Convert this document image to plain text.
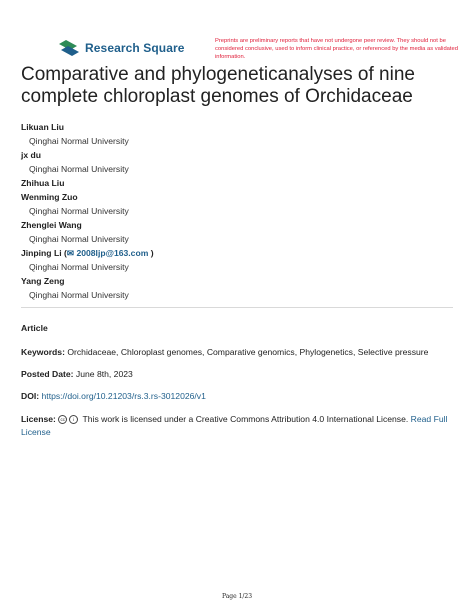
Research Square	Preprints are preliminary reports that have not undergone peer review. They should not be considered conclusive, used to inform clinical practice, or referenced by the media as validated information.
Comparative and phylogeneticanalyses of nine complete chloroplast genomes of Orchidaceae
Likuan Liu
Qinghai Normal University
jx du
Qinghai Normal University
Zhihua Liu
Wenming Zuo
Qinghai Normal University
Zhenglei Wang
Qinghai Normal University
Jinping Li (✉ 2008ljp@163.com )
Qinghai Normal University
Yang Zeng
Qinghai Normal University
Article
Keywords: Orchidaceae, Chloroplast genomes, Comparative genomics, Phylogenetics, Selective pressure
Posted Date: June 8th, 2023
DOI: https://doi.org/10.21203/rs.3.rs-3012026/v1
License: cc i This work is licensed under a Creative Commons Attribution 4.0 International License. Read Full License
Page 1/23
